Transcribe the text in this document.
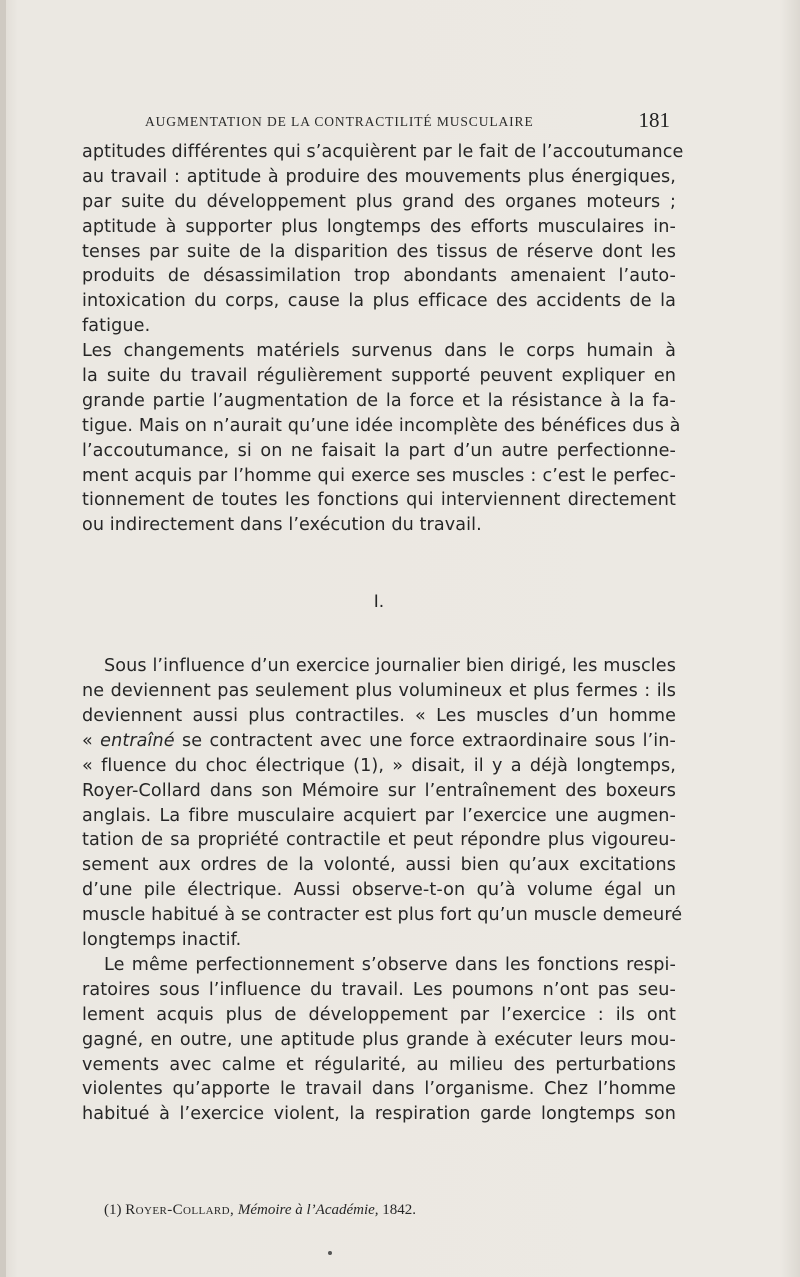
AUGMENTATION DE LA CONTRACTILITÉ MUSCULAIRE	181
aptitudes différentes qui s’acquièrent par le fait de l’accoutumance
au travail : aptitude à produire des mouvements plus énergiques,
par suite du développement plus grand des organes moteurs ;
aptitude à supporter plus longtemps des efforts musculaires in-
tenses par suite de la disparition des tissus de réserve dont les
produits de désassimilation trop abondants amenaient l’auto-
intoxication du corps, cause la plus efficace des accidents de la
fatigue.
Les changements matériels survenus dans le corps humain à
la suite du travail régulièrement supporté peuvent expliquer en
grande partie l’augmentation de la force et la résistance à la fa-
tigue. Mais on n’aurait qu’une idée incomplète des bénéfices dus à
l’accoutumance, si on ne faisait la part d’un autre perfectionne-
ment acquis par l’homme qui exerce ses muscles : c’est le perfec-
tionnement de toutes les fonctions qui interviennent directement
ou indirectement dans l’exécution du travail.
I.
Sous l’influence d’un exercice journalier bien dirigé, les muscles
ne deviennent pas seulement plus volumineux et plus fermes : ils
deviennent aussi plus contractiles. « Les muscles d’un homme
« entraîné se contractent avec une force extraordinaire sous l’in-
« fluence du choc électrique (1), » disait, il y a déjà longtemps,
Royer-Collard dans son Mémoire sur l’entraînement des boxeurs
anglais. La fibre musculaire acquiert par l’exercice une augmen-
tation de sa propriété contractile et peut répondre plus vigoureu-
sement aux ordres de la volonté, aussi bien qu’aux excitations
d’une pile électrique. Aussi observe-t-on qu’à volume égal un
muscle habitué à se contracter est plus fort qu’un muscle demeuré
longtemps inactif.
Le même perfectionnement s’observe dans les fonctions respi-
ratoires sous l’influence du travail. Les poumons n’ont pas seu-
lement acquis plus de développement par l’exercice : ils ont
gagné, en outre, une aptitude plus grande à exécuter leurs mou-
vements avec calme et régularité, au milieu des perturbations
violentes qu’apporte le travail dans l’organisme. Chez l’homme
habitué à l’exercice violent, la respiration garde longtemps son
(1) Royer-Collard, Mémoire à l’Académie, 1842.
